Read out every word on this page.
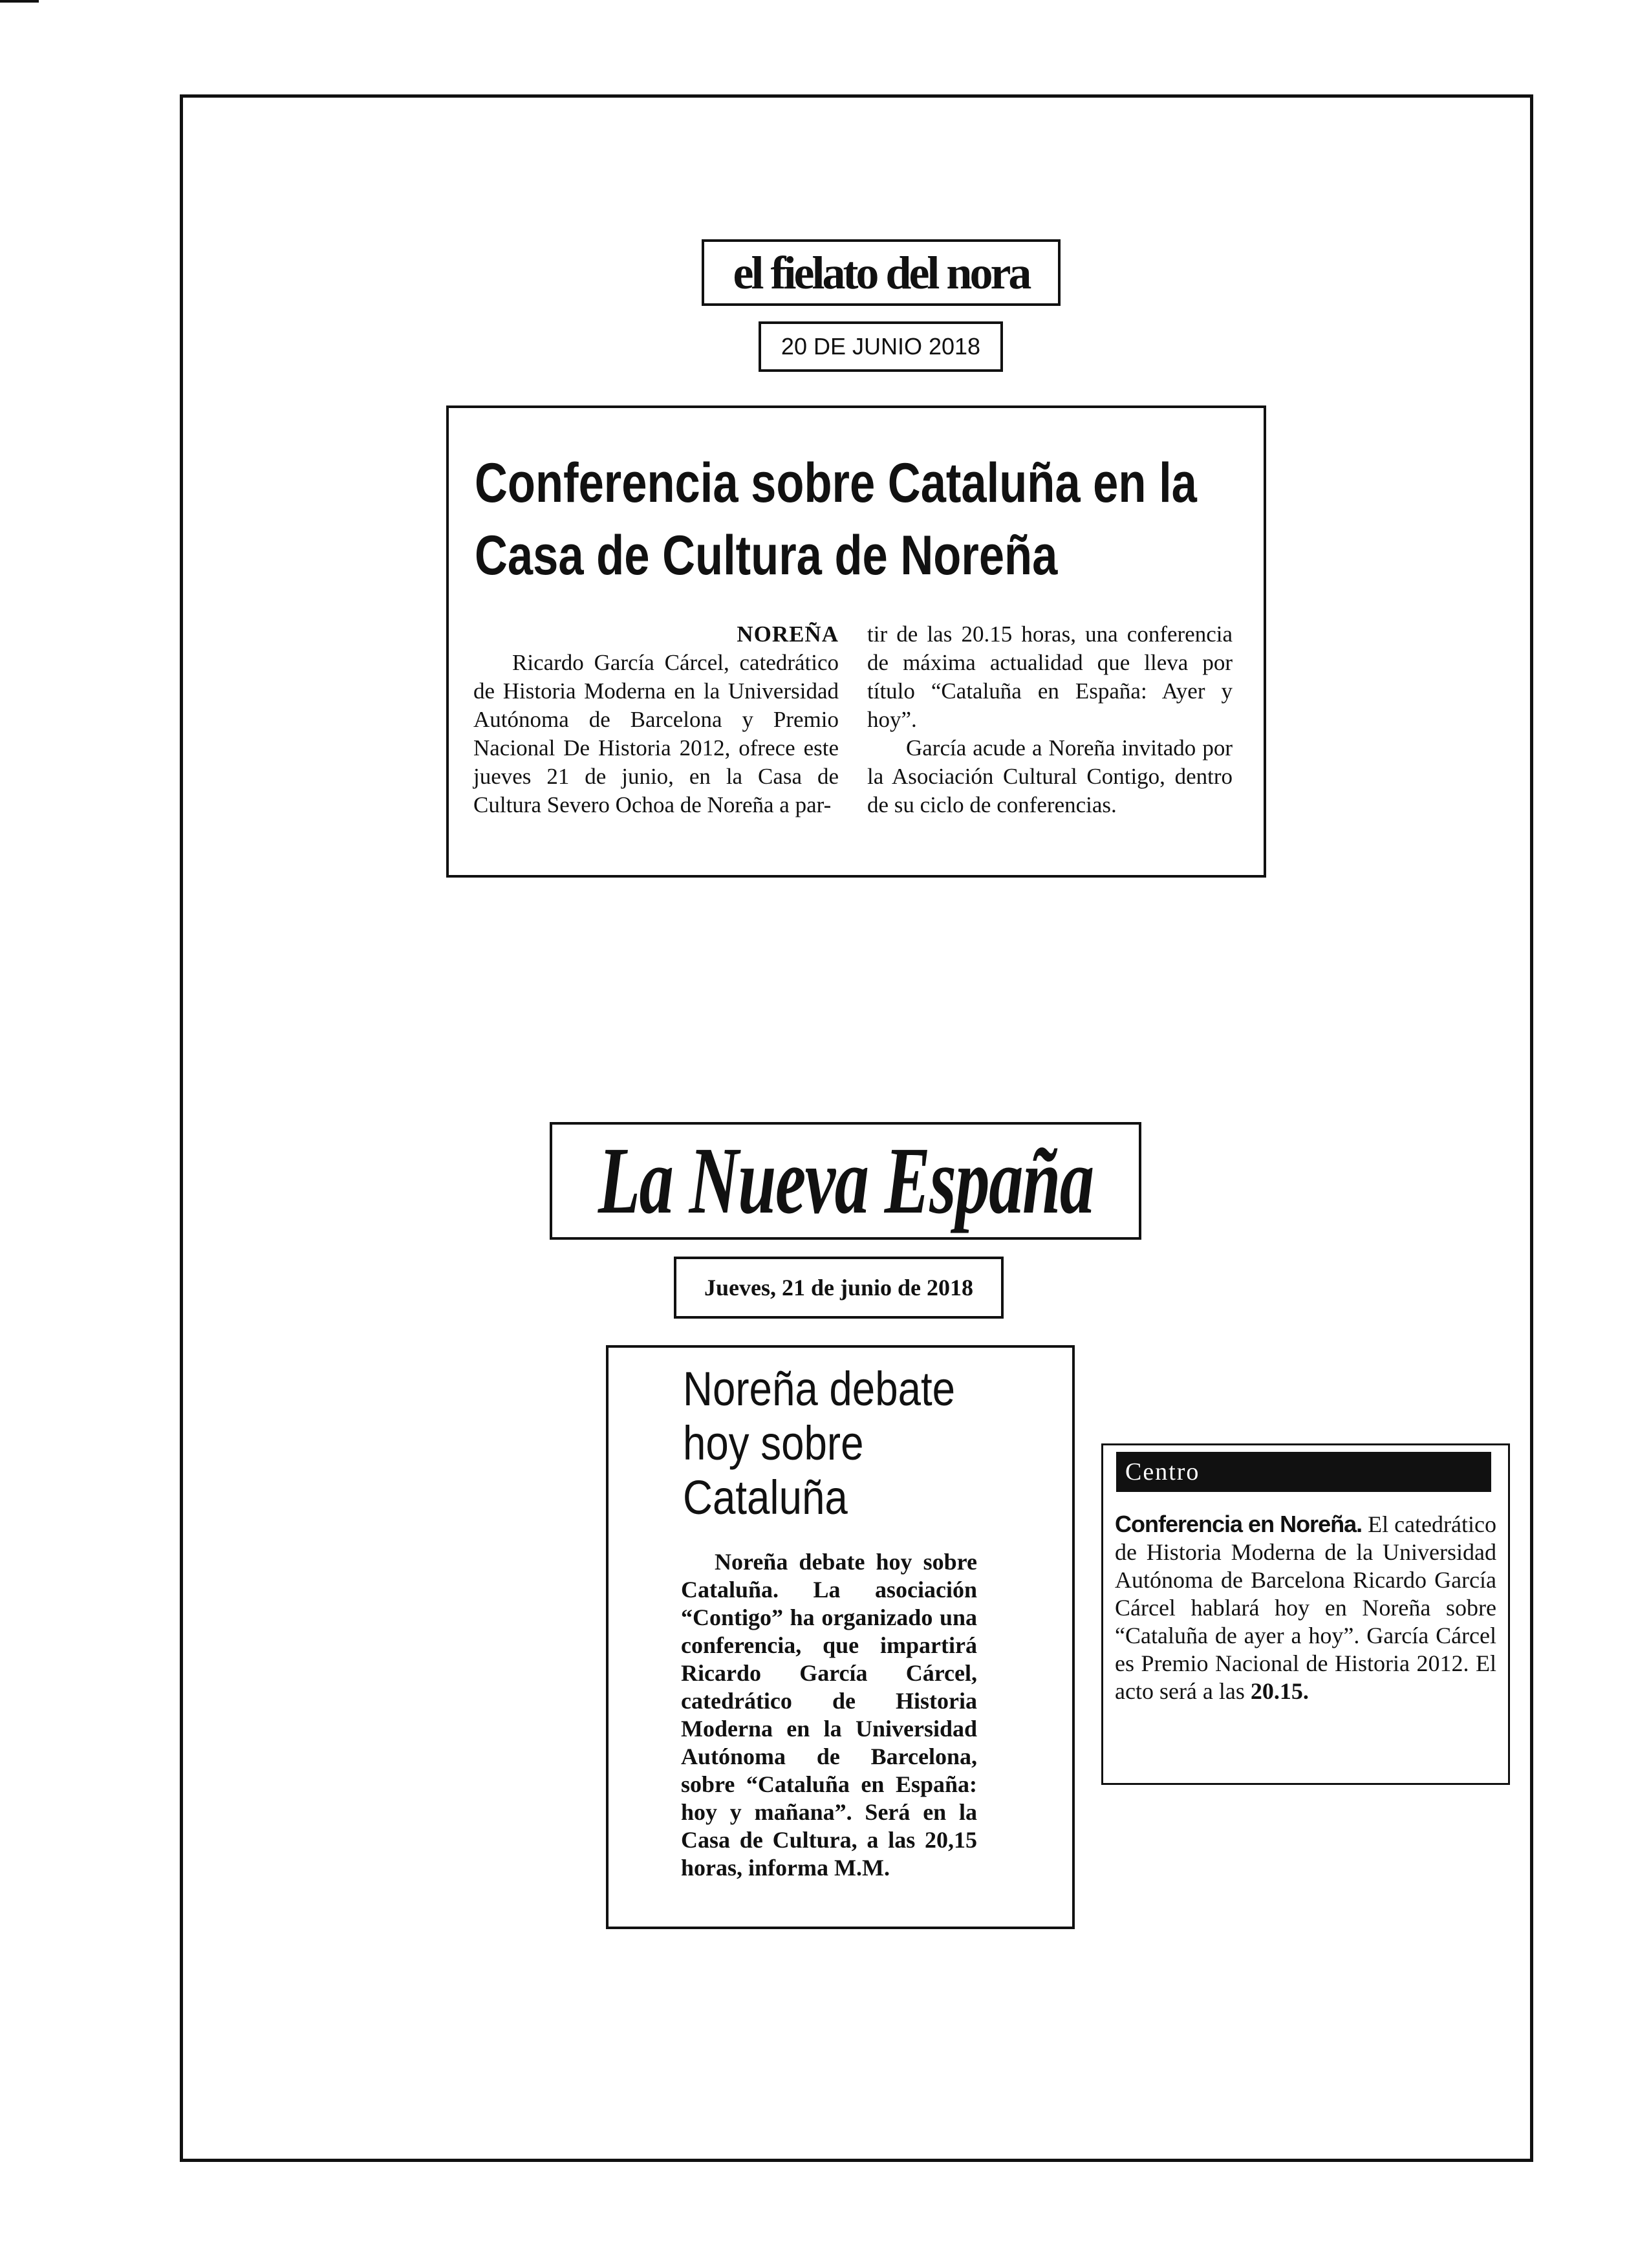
el fielato del nora
20 DE JUNIO 2018
Conferencia sobre Cataluña en la
Casa de Cultura de Noreña
NOREÑA

Ricardo García Cárcel, catedrático de Historia Moderna en la Universidad Autónoma de Barcelona y Premio Nacional De Historia 2012, ofrece este jueves 21 de junio, en la Casa de Cultura Severo Ochoa de Noreña a par-

tir de las 20.15 horas, una conferencia de máxima actualidad que lleva por título “Cataluña en España: Ayer y hoy”.

García acude a Noreña invitado por la Asociación Cultural Contigo, dentro de su ciclo de conferencias.

La Nueva España
Jueves, 21 de junio de 2018
Noreña debate
hoy sobre
Cataluña

Noreña debate hoy sobre Cataluña. La asociación “Contigo” ha organizado una conferencia, que impartirá Ricardo García Cárcel, catedrático de Historia Moderna en la Universidad Autónoma de Barcelona, sobre “Cataluña en España: hoy y mañana”. Será en la Casa de Cultura, a las 20,15 horas, informa M.M.

Centro

Conferencia en Noreña. El catedrático de Historia Moderna de la Universidad Autónoma de Barcelona Ricardo García Cárcel hablará hoy en Noreña sobre “Cataluña de ayer a hoy”. García Cárcel es Premio Nacional de Historia 2012. El acto será a las 20.15.
